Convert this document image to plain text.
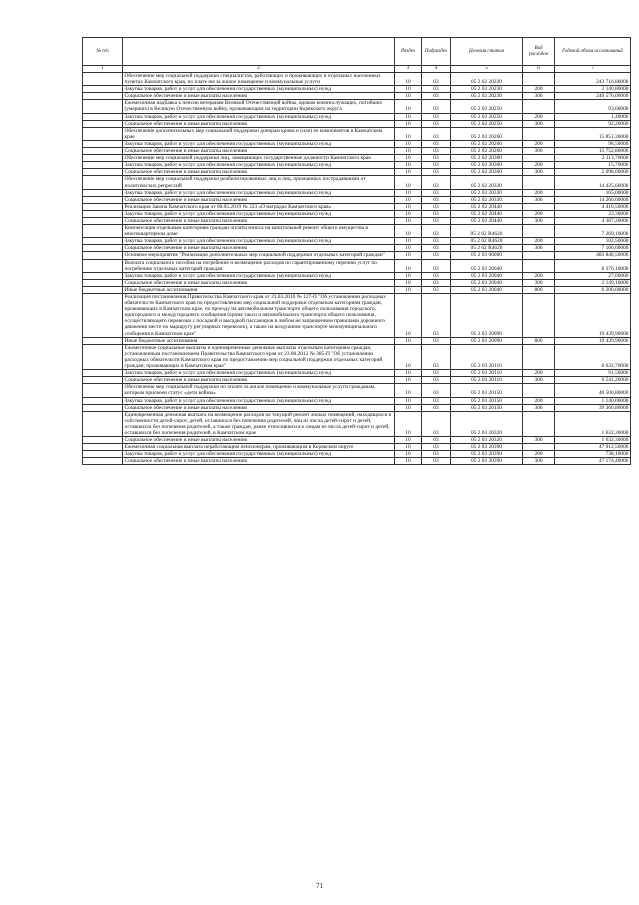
№ п/п		Раздел	Подраздел	Целевая статья	Вид расходов	Годовой объем ассигнований
1	2	3	4	5	6	7
	Обеспечение мер социальной поддержки специалистов, работающих и проживающих в отдельных населенных пунктах Камчатского края, по плате им за жилое помещение и коммунальные услуги	10	03	05 2 02 20230		243 716,80000
	Закупка товаров, работ и услуг для обеспечения государственных (муниципальных) нужд	10	03	05 2 02 20230	200	3 140,80000
	Социальное обеспечение и иные выплаты населению	10	03	05 2 02 20230	300	240 576,00000
	Ежемесячная надбавка к пенсии ветеранам Великой Отечественной войны, вдовам военнослужащих, погибших (умерших) в Великую Отечественную войну, проживающим на территории Корякского округа	10	03	05 2 02 20250		93,60000
	Закупка товаров, работ и услуг для обеспечения государственных (муниципальных) нужд	10	03	05 2 02 20250	200	1,40000
	Социальное обеспечение и иные выплаты населению	10	03	05 2 02 20250	300	92,20000
	Обеспечение дополнительных мер социальной поддержки донорам крови и (или) ее компонентов в Камчатском крае	10	03	05 2 02 20260		15 851,30000
	Закупка товаров, работ и услуг для обеспечения государственных (муниципальных) нужд	10	03	05 2 02 20260	200	98,50000
	Социальное обеспечение и иные выплаты населению	10	03	05 2 02 20260	300	15 752,80000
	Обеспечение мер социальной поддержки лиц, замещающих государственные должности Камчатского края	10	03	05 2 02 20300		2 113,70000
	Закупка товаров, работ и услуг для обеспечения государственных (муниципальных) нужд	10	03	05 2 02 20300	200	15,70000
	Социальное обеспечение и иные выплаты населению	10	03	05 2 02 20300	300	2 098,00000
	Обеспечение мер социальной поддержки реабилитированных лиц и лиц, признанных пострадавшими от политических репрессий	10	03	05 2 02 20330		14 425,60000
	Закупка товаров, работ и услуг для обеспечения государственных (муниципальных) нужд	10	03	05 2 02 20330	200	165,00000
	Социальное обеспечение и иные выплаты населению	10	03	05 2 02 20330	300	14 260,60000
	Реализация Закона Камчатского края от 06.05.2019 № 323 «О наградах Камчатского края»	10	03	05 2 02 20440		4 410,50000
	Закупка товаров, работ и услуг для обеспечения государственных (муниципальных) нужд	10	03	05 2 02 20440	200	23,30000
	Социальное обеспечение и иные выплаты населению	10	03	05 2 02 20440	300	4 387,20000
	Компенсация отдельным категориям граждан оплаты взноса на капитальный ремонт общего имущества в многоквартирном доме	10	03	05 2 02 R4620		7 269,10000
	Закупка товаров, работ и услуг для обеспечения государственных (муниципальных) нужд	10	03	05 2 02 R4620	200	102,50000
	Социальное обеспечение и иные выплаты населению	10	03	05 2 02 R4620	300	7 166,60000
	Основное мероприятие "Реализация дополнительных мер социальной поддержки отдельных категорий граждан"	10	03	05 2 03 00000		483 848,50000
	Выплата социального пособия на погребение и возмещение расходов по гарантированному перечню услуг по погребению отдельных категорий граждан	10	03	05 2 03 20040		8 376,10000
	Закупка товаров, работ и услуг для обеспечения государственных (муниципальных) нужд	10	03	05 2 03 20040	200	27,00000
	Социальное обеспечение и иные выплаты населению	10	03	05 2 03 20040	300	2 149,10000
	Иные бюджетные ассигнования	10	03	05 2 03 20040	800	6 200,00000
	Реализация постановления Правительства Камчатского края от 23.03.2010 № 127-П "Об установлении расходных обязательств Камчатского края по предоставлению мер социальной поддержки отдельным категориям граждан, проживающих в Камчатском крае, по проезду на автомобильном транспорте общего пользования городского, пригородного и междугороднего сообщения (кроме такси и автомобильного транспорта общего пользования, осуществляющего перевозки с посадкой и высадкой пассажиров в любом не запрещенном правилами дорожного движения месте по маршруту регулярных перевозок), а также на воздушном транспорте межмуниципального сообщения в Камчатском крае"	10	03	05 2 03 20090		19 439,90000
	Иные бюджетные ассигнования	10	03	05 2 03 20090	800	19 439,90000
	Ежемесячные социальные выплаты и единовременные денежные выплаты отдельным категориям граждан, установленным постановлением Правительства Камчатского края от 23.08.2012 № 385-П "Об установлении расходных обязательств Камчатского края по предоставлению мер социальной поддержки отдельных категорий граждан, проживающих в Камчатском крае"	10	03	05 2 03 20110		6 632,70000
	Закупка товаров, работ и услуг для обеспечения государственных (муниципальных) нужд	10	03	05 2 03 20110	200	91,50000
	Социальное обеспечение и иные выплаты населению	10	03	05 2 03 20110	300	6 541,20000
	Обеспечение мер социальной поддержки по оплате за жилое помещение и коммунальные услуги гражданам, которым присвоен статус «дети войны»	10	03	05 2 03 20150		40 500,80000
	Закупка товаров, работ и услуг для обеспечения государственных (муниципальных) нужд	10	03	05 2 03 20150	200	1 140,00000
	Социальное обеспечение и иные выплаты населению	10	03	05 2 03 20150	300	39 360,80000
	Единовременная денежная выплата на возмещение расходов на текущий ремонт жилых помещений, находящихся в собственности детей-сирот, детей, оставшихся без попечения родителей, лиц из числа детей-сирот и детей, оставшихся без попечения родителей, а также граждан, ранее относившихся к лицам из числа детей-сирот и детей, оставшихся без попечения родителей, в Камчатском крае	10	03	05 2 03 20320		1 632,30000
	Социальное обеспечение и иные выплаты населению	10	03	05 2 03 20320	300	1 632,30000
	Ежемесячная социальная выплата неработающим пенсионерам, проживающим в Корякском округе	10	03	05 2 03 20390		47 912,50000
	Закупка товаров, работ и услуг для обеспечения государственных (муниципальных) нужд	10	03	05 2 03 20390	200	738,10000
	Социальное обеспечение и иные выплаты населению	10	03	05 2 03 20390	300	47 174,40000
71
